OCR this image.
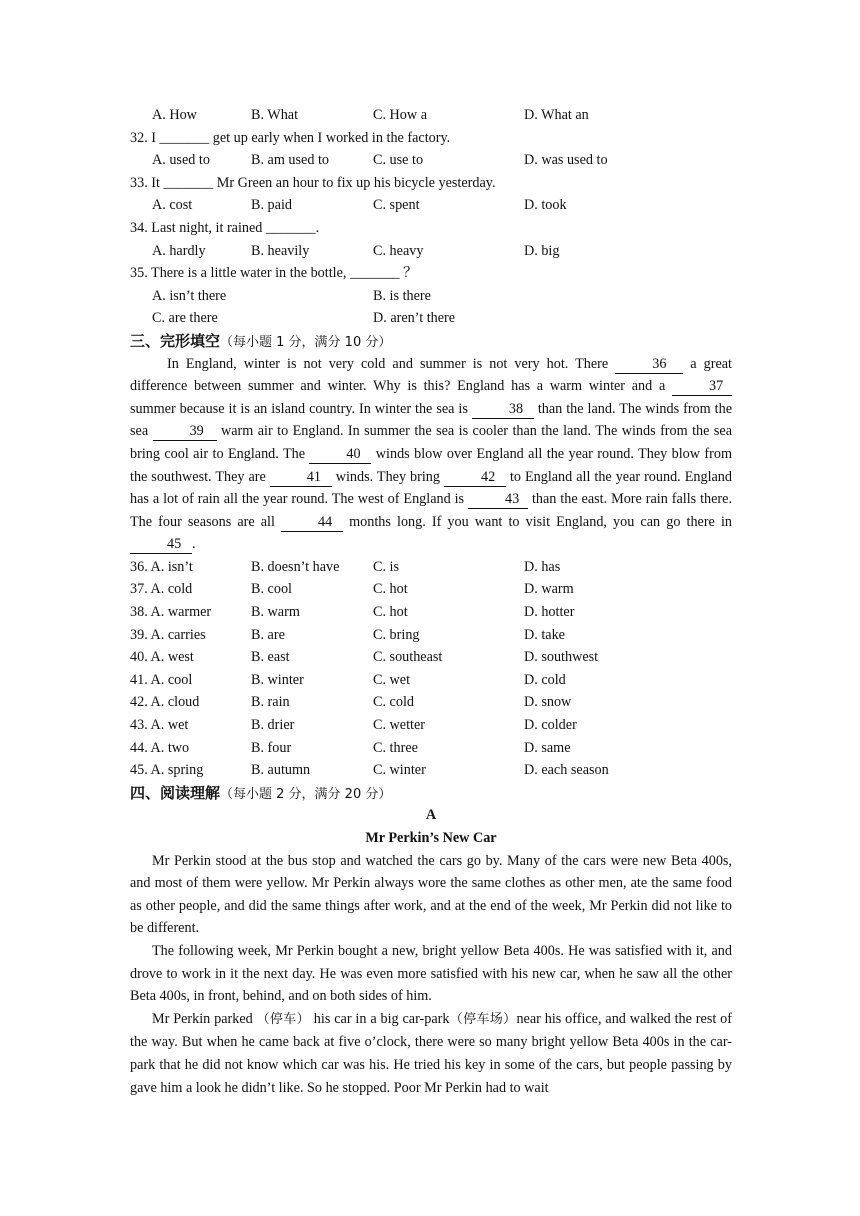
A. How	B. What	C. How a	D. What an
32. I _______ get up early when I worked in the factory.
A. used to	B. am used to	C. use to	D. was used to
33. It _______ Mr Green an hour to fix up his bicycle yesterday.
A. cost	B. paid	C. spent	D. took
34. Last night, it rained _______.
A. hardly	B. heavily	C. heavy	D. big
35. There is a little water in the bottle, _______ ？
A. isn’t there	B. is there
C. are there	D. aren’t there
三、完形填空（每小题 1 分，满分 10 分）

In England, winter is not very cold and summer is not very hot. There	36 a great difference between summer and winter. Why is this? England has a warm winter and a	37 summer because it is an island country. In winter the sea is	38 than the land. The winds from the sea	39 warm air to England. In summer the sea is cooler than the land. The winds from the sea bring cool air to England. The	40 winds blow over England all the year round. They blow from the southwest. They are	41 winds. They bring	42 to England all the year round. England has a lot of rain all the year round. The west of England is	43 than the east. More rain falls there. The four seasons are all	44 months long. If you want to visit England, you can go there in 45 .

36. A. isn’t	B. doesn’t have C. is	D. has
37. A. cold	B. cool	C. hot	D. warm
38. A. warmer	B. warm	C. hot	D. hotter
39. A. carries	B. are	C. bring	D. take
40. A. west	B. east	C. southeast	D. southwest
41. A. cool	B. winter	C. wet	D. cold
42. A. cloud	B. rain	C. cold	D. snow
43. A. wet	B. drier	C. wetter	D. colder
44. A. two	B. four	C. three	D. same
45. A. spring	B. autumn	C. winter	D. each season
四、阅读理解（每小题 2 分，满分 20 分）
A
Mr Perkin’s New Car

Mr Perkin stood at the bus stop and watched the cars go by. Many of the cars were new Beta 400s, and most of them were yellow. Mr Perkin always wore the same clothes as other men, ate the same food as other people, and did the same things after work, and at the end of the week, Mr Perkin did not like to be different.

The following week, Mr Perkin bought a new, bright yellow Beta 400s. He was satisfied with it, and drove to work in it the next day. He was even more satisfied with his new car, when he saw all the other Beta 400s, in front, behind, and on both sides of him.

Mr Perkin parked （停车） his car in a big car-park（停车场）near his office, and walked the rest of the way. But when he came back at five o’clock, there were so many bright yellow Beta 400s in the car-park that he did not know which car was his. He tried his key in some of the cars, but people passing by gave him a look he didn’t like. So he stopped. Poor Mr Perkin had to wait
